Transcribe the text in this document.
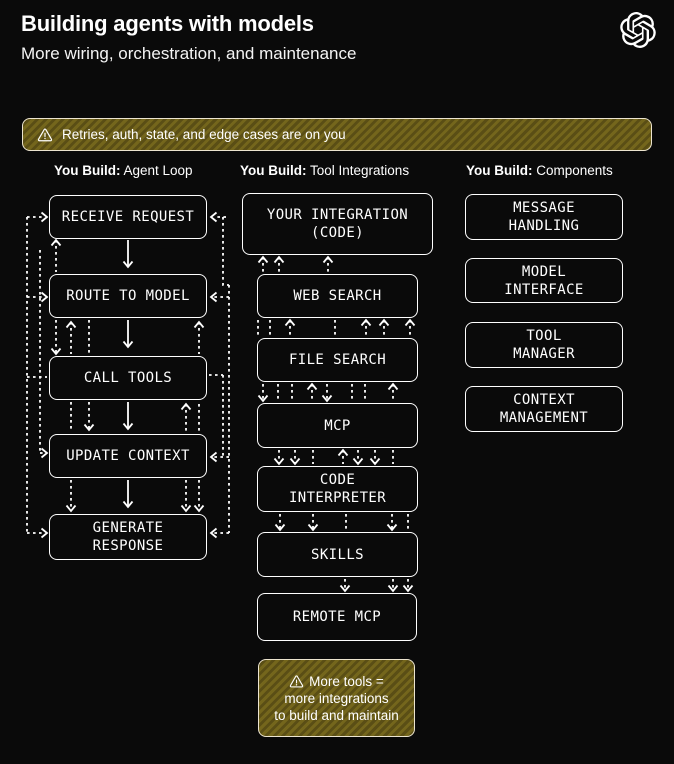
Building agents with models
More wiring, orchestration, and maintenance
Retries, auth, state, and edge cases are on you
You Build: Agent Loop	You Build: Tool Integrations	You Build: Components
RECEIVE REQUEST
ROUTE TO MODEL
CALL TOOLS
UPDATE CONTEXT
GENERATE
RESPONSE
YOUR INTEGRATION
(CODE)
WEB SEARCH
FILE SEARCH
MCP
CODE
INTERPRETER
SKILLS
REMOTE MCP
MESSAGE
HANDLING
MODEL
INTERFACE
TOOL
MANAGER
CONTEXT
MANAGEMENT
More tools =
more integrations
to build and maintain
